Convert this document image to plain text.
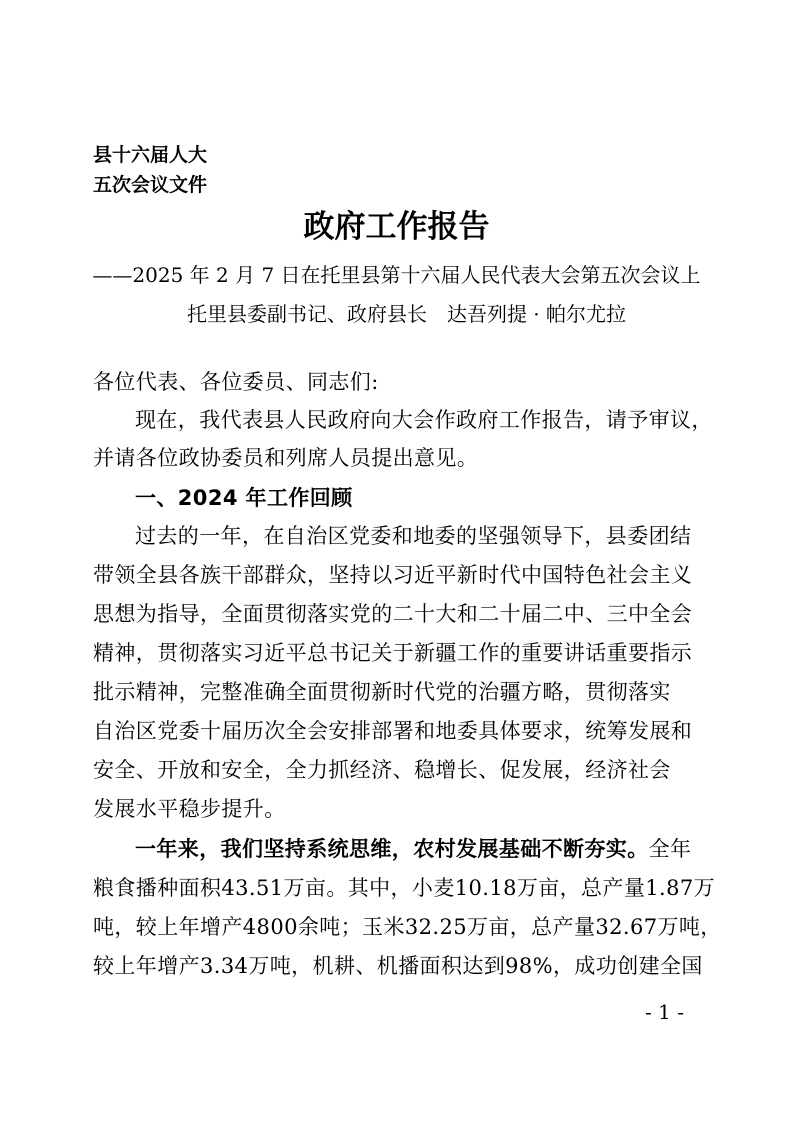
县十六届人大
五次会议文件
政府工作报告
——2025 年 2 月 7 日在托里县第十六届人民代表大会第五次会议上
托里县委副书记、政府县长　达吾列提 · 帕尔尤拉
各位代表、各位委员、同志们:
现在，我代表县人民政府向大会作政府工作报告，请予审议，
并请各位政协委员和列席人员提出意见。
一、2024 年工作回顾
过去的一年，在自治区党委和地委的坚强领导下，县委团结
带领全县各族干部群众，坚持以习近平新时代中国特色社会主义
思想为指导，全面贯彻落实党的二十大和二十届二中、三中全会
精神，贯彻落实习近平总书记关于新疆工作的重要讲话重要指示
批示精神，完整准确全面贯彻新时代党的治疆方略，贯彻落实
自治区党委十届历次全会安排部署和地委具体要求，统筹发展和
安全、开放和安全，全力抓经济、稳增长、促发展，经济社会
发展水平稳步提升。
一年来，我们坚持系统思维，农村发展基础不断夯实。全年
粮食播种面积43.51万亩。其中，小麦10.18万亩，总产量1.87万
吨，较上年增产4800余吨；玉米32.25万亩，总产量32.67万吨，
较上年增产3.34万吨，机耕、机播面积达到98%，成功创建全国
- 1 -
